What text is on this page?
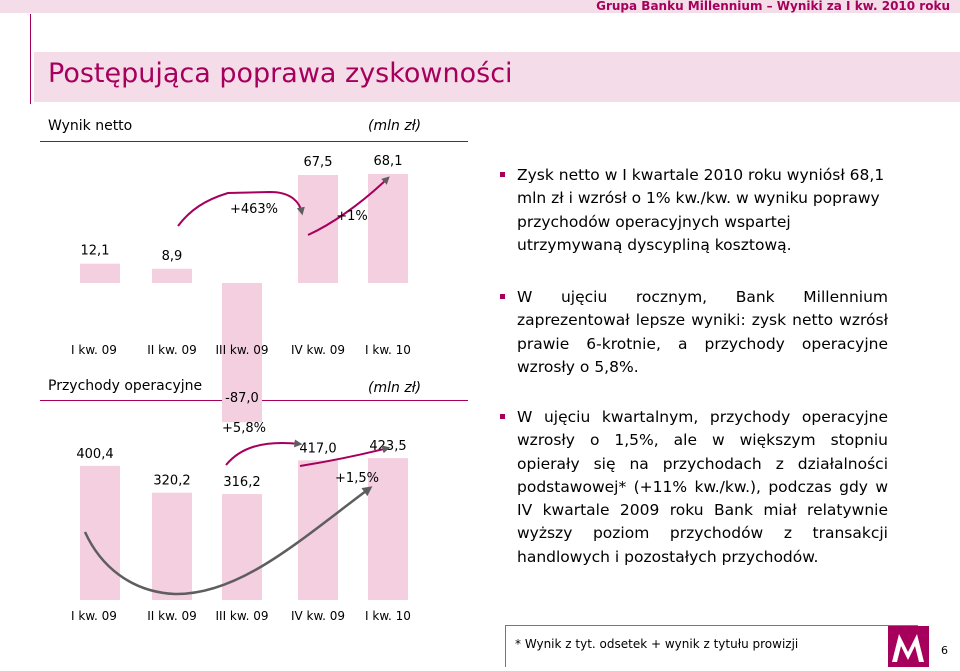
Grupa Banku Millennium – Wyniki za I kw. 2010 roku
Postępująca poprawa zyskowności
Wynik netto	(mln zł)
Przychody operacyjne	(mln zł)
12,1
I kw. 09
8,9
II kw. 09
-87,0
III kw. 09
67,5
IV kw. 09
68,1
I kw. 10
+463%	+1%
400,4
I kw. 09
320,2
II kw. 09
316,2
III kw. 09
417,0
IV kw. 09
423,5
I kw. 10
+5,8%
+1,5%
Zysk netto w I kwartale 2010 roku wyniósł 68,1 mln zł i wzrósł o 1% kw./kw. w wyniku poprawy przychodów operacyjnych wspartej utrzymywaną dyscypliną kosztową.
W ujęciu rocznym, Bank Millennium zaprezentował lepsze wyniki: zysk netto wzrósł prawie 6-krotnie, a przychody operacyjne wzrosły o 5,8%.
W ujęciu kwartalnym, przychody operacyjne wzrosły o 1,5%, ale w większym stopniu opierały się na przychodach z działalności podstawowej* (+11% kw./kw.), podczas gdy w IV kwartale 2009 roku Bank miał relatywnie wyższy poziom przychodów z transakcji handlowych i pozostałych przychodów.
* Wynik z tyt. odsetek + wynik z tytułu prowizji	6
